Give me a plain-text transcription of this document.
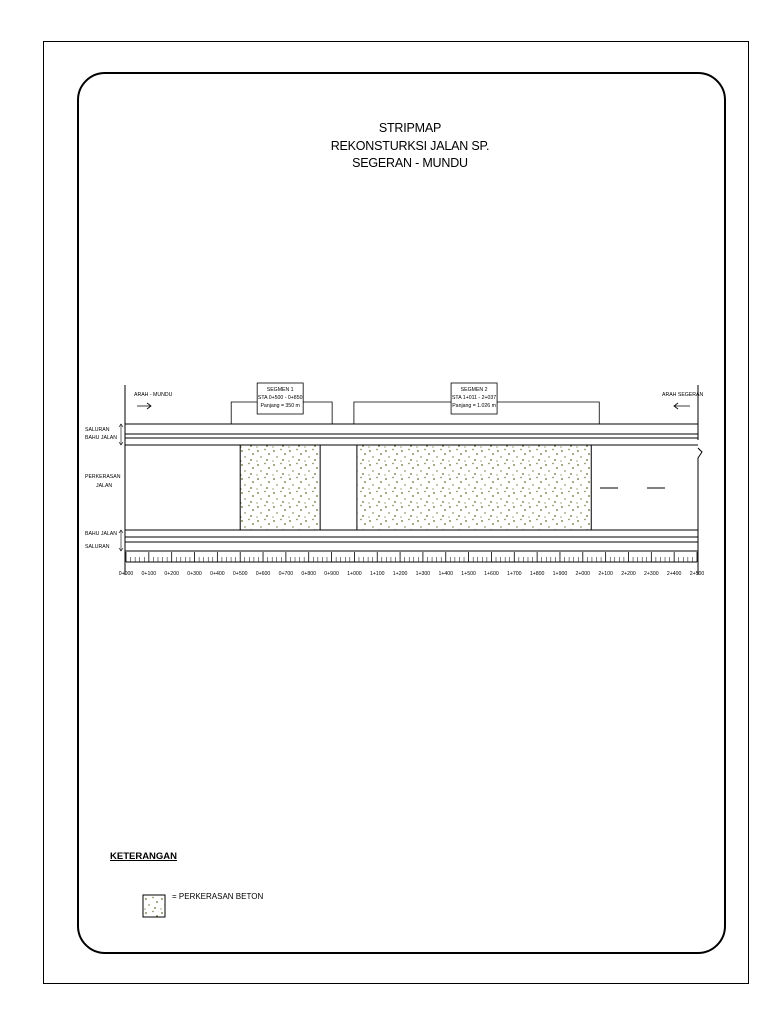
STRIPMAP
REKONSTURKSI JALAN SP.
SEGERAN - MUNDU
ARAH - MUNDU	ARAH SEGERAN
SALURAN
BAHU JALAN
PERKERASAN
JALAN
BAHU JALAN
SALURAN
SEGMEN 1
STA 0+500 - 0+850
Panjang = 350 m
SEGMEN 2
STA 1+011 - 2+037
Panjang = 1.026 m
0+000 0+100 0+200 0+300 0+400 0+500 0+600 0+700 0+800 0+900 1+000 1+100 1+200 1+300 1+400 1+500 1+600 1+700 1+800 1+900 2+000 2+100 2+200 2+300 2+400 2+500
KETERANGAN
= PERKERASAN BETON
